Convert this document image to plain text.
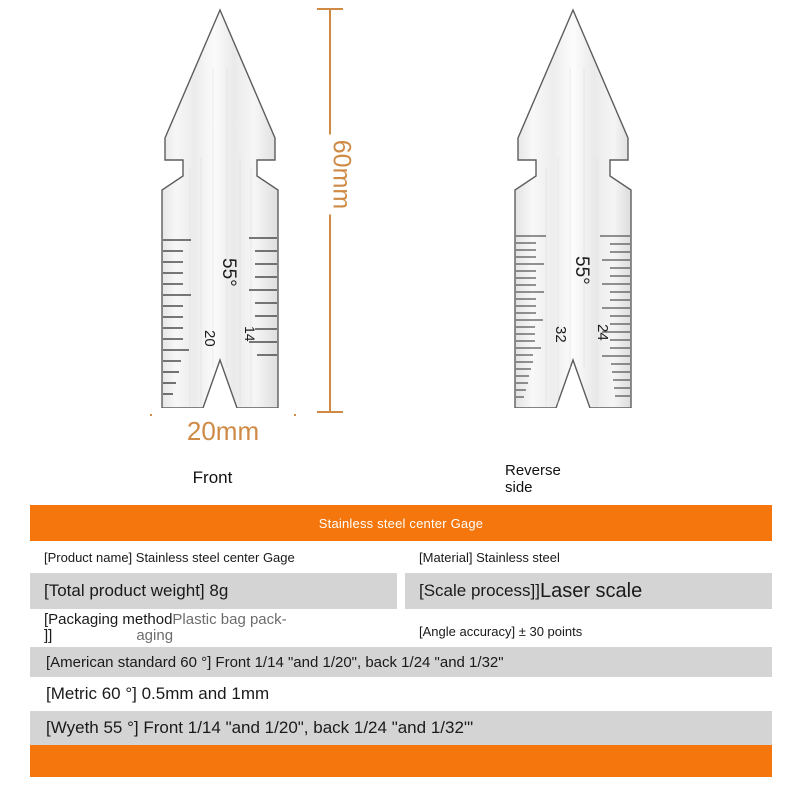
55°
20 14
55°
32 24
60mm
20mm
Front	Reverse
side
Stainless steel center Gage
[Product name] Stainless steel center Gage
[Total product weight] 8g
[Packaging methodPlastic bag pack-
]]	aging
[Material] Stainless steel
[Scale process]] Laser scale
[Angle accuracy] ± 30 points
[American standard 60 °] Front 1/14 "and 1/20", back 1/24 "and 1/32"
[Metric 60 °] 0.5mm and 1mm
[Wyeth 55 °] Front 1/14 "and 1/20", back 1/24 "and 1/32'"
